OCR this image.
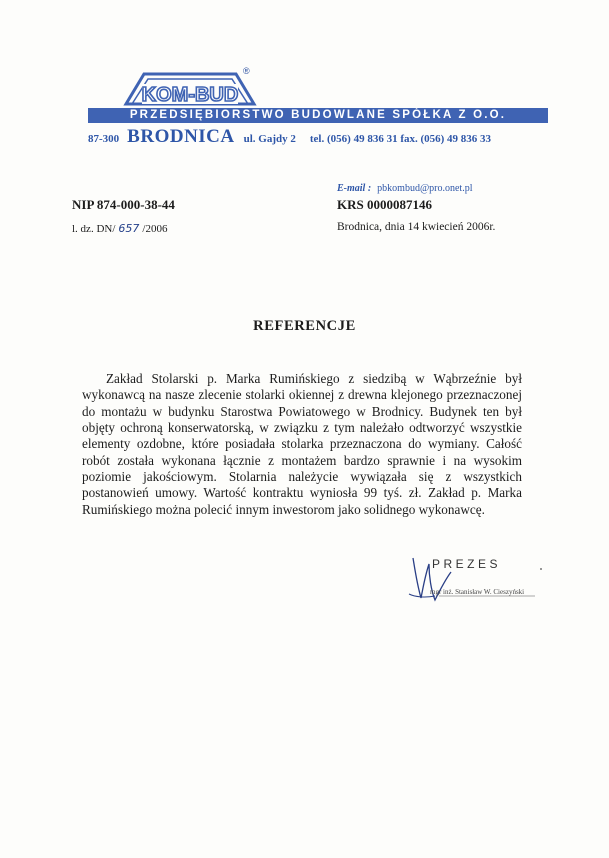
KOM-BUD
®
PRZEDSIĘBIORSTWO BUDOWLANE SPÓŁKA Z O.O.
87-300 BRODNICA ul. Gajdy 2 tel. (056) 49 836 31 fax. (056) 49 836 33
E-mail : pbkombud@pro.onet.pl
NIP 874-000-38-44	KRS 0000087146
l. dz. DN/ 657 /2006	Brodnica, dnia 14 kwiecień 2006r.
REFERENCJE
Zakład Stolarski p. Marka Rumińskiego z siedzibą w Wąbrzeźnie był wykonawcą na nasze zlecenie stolarki okiennej z drewna klejonego przeznaczonej do montażu w budynku Starostwa Powiatowego w Brodnicy. Budynek ten był objęty ochroną konserwatorską, w związku z tym należało odtworzyć wszystkie elementy ozdobne, które posiadała stolarka przeznaczona do wymiany. Całość robót została wykonana łącznie z montażem bardzo sprawnie i na wysokim poziomie jakościowym. Stolarnia należycie wywiązała się z wszystkich postanowień umowy. Wartość kontraktu wyniosła 99 tyś. zł. Zakład p. Marka Rumińskiego można polecić innym inwestorom jako solidnego wykonawcę.
PREZES
mgr inż. Stanisław W. Cieszyński
